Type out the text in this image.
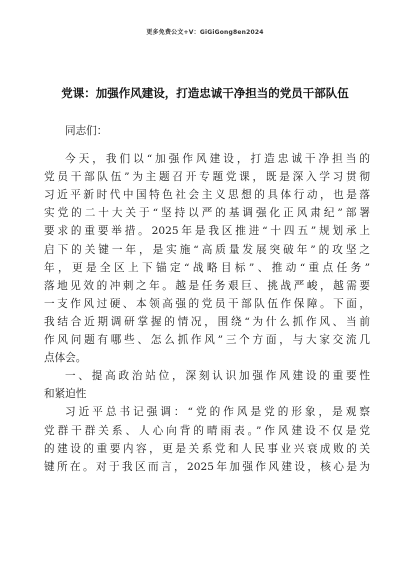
更多免费公文+V：GiGiGong8en2024
党课：加强作风建设，打造忠诚干净担当的党员干部队伍
同志们：
今天，我们以“加强作风建设，打造忠诚干净担当的
党员干部队伍”为主题召开专题党课，既是深入学习贯彻
习近平新时代中国特色社会主义思想的具体行动，也是落
实党的二十大关于“坚持以严的基调强化正风肃纪”部署
要求的重要举措。2025年是我区推进“十四五”规划承上
启下的关键一年，是实施“高质量发展突破年”的攻坚之
年，更是全区上下锚定“战略目标”、推动“重点任务”
落地见效的冲刺之年。越是任务艰巨、挑战严峻，越需要
一支作风过硬、本领高强的党员干部队伍作保障。下面，
我结合近期调研掌握的情况，围绕“为什么抓作风、当前
作风问题有哪些、怎么抓作风”三个方面，与大家交流几
点体会。
一、提高政治站位，深刻认识加强作风建设的重要性
和紧迫性
习近平总书记强调：“党的作风是党的形象，是观察
党群干群关系、人心向背的晴雨表。”作风建设不仅是党
的建设的重要内容，更是关系党和人民事业兴衰成败的关
键所在。对于我区而言，2025年加强作风建设，核心是为
